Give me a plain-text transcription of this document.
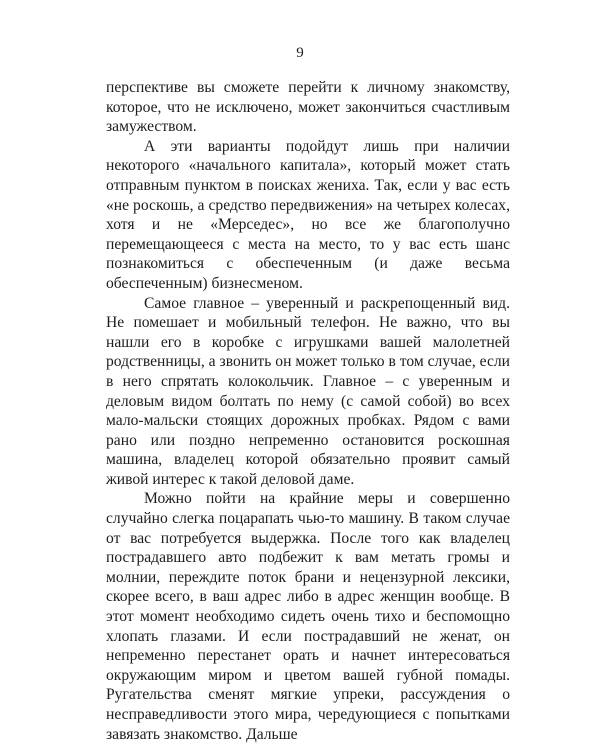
9

перспективе вы сможете перейти к личному знакомству, которое, что не исключено, может закончиться счастливым замужеством.

А эти варианты подойдут лишь при наличии некоторого «начального капитала», который может стать отправным пунктом в поисках жениха. Так, если у вас есть «не роскошь, а средство передвижения» на четырех колесах, хотя и не «Мерседес», но все же благополучно перемещающееся с места на место, то у вас есть шанс познакомиться с обеспеченным (и даже весьма обеспеченным) бизнесменом.

Самое главное – уверенный и раскрепощенный вид. Не помешает и мобильный телефон. Не важно, что вы нашли его в коробке с игрушками вашей малолетней родственницы, а звонить он может только в том случае, если в него спрятать колокольчик. Главное – с уверенным и деловым видом болтать по нему (с самой собой) во всех мало-мальски стоящих дорожных пробках. Рядом с вами рано или поздно непременно остановится роскошная машина, владелец которой обязательно проявит самый живой интерес к такой деловой даме.

Можно пойти на крайние меры и совершенно случайно слегка поцарапать чью-то машину. В таком случае от вас потребуется выдержка. После того как владелец пострадавшего авто подбежит к вам метать громы и молнии, переждите поток брани и нецензурной лексики, скорее всего, в ваш адрес либо в адрес женщин вообще. В этот момент необходимо сидеть очень тихо и беспомощно хлопать глазами. И если пострадавший не женат, он непременно перестанет орать и начнет интересоваться окружающим миром и цветом вашей губной помады. Ругательства сменят мягкие упреки, рассуждения о несправедливости этого мира, чередующиеся с попытками завязать знакомство. Дальше
